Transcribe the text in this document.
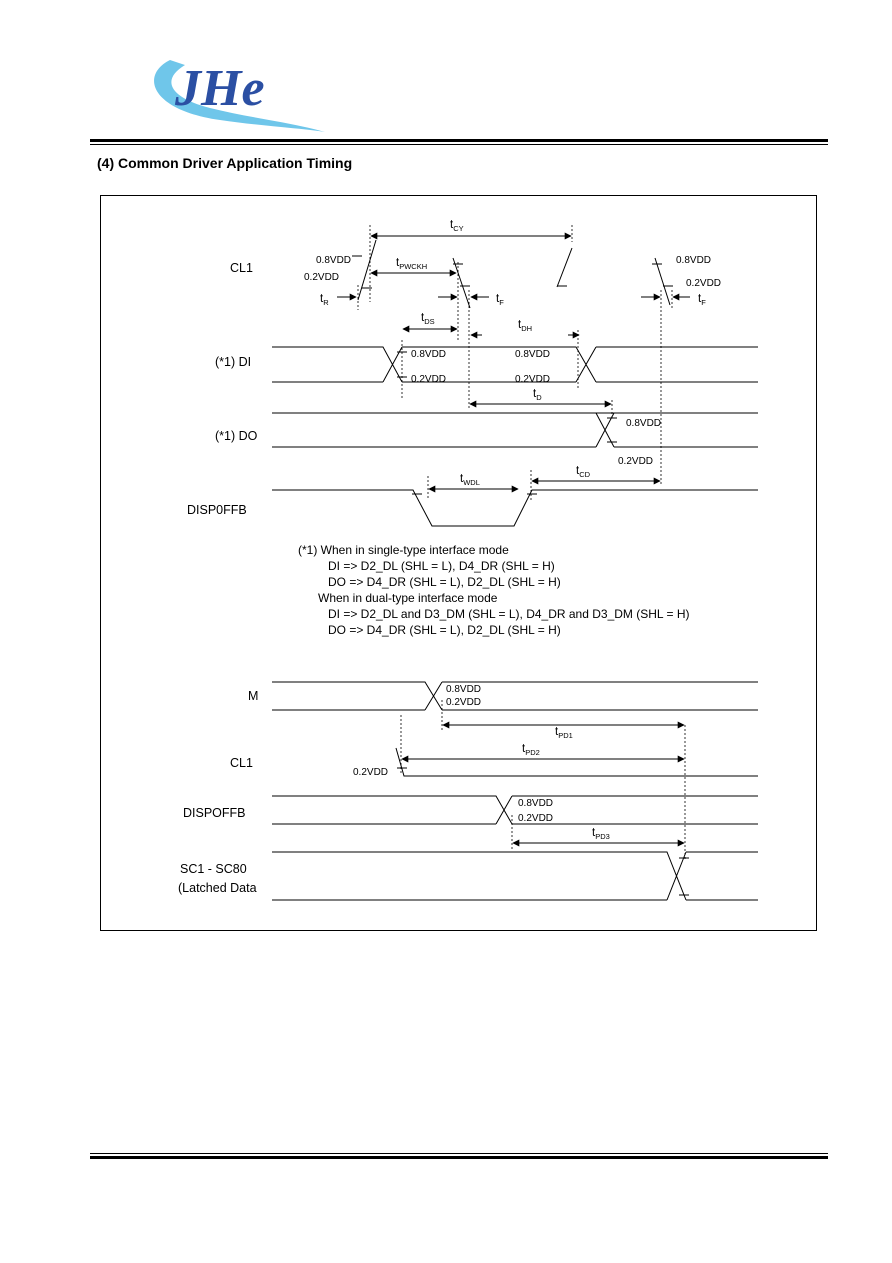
JHe
(4) Common Driver Application Timing
CL1
(*1) DI
(*1) DO
DISP0FFB
M
CL1
DISPOFFB
SC1 - SC80
(Latched Data
0.8VDD
0.2VDD
0.8VDD
0.2VDD
0.8VDD
0.2VDD
0.8VDD
0.2VDD
0.8VDD
0.2VDD
0.8VDD
0.2VDD
0.2VDD
0.8VDD
0.2VDD
$t_{CY}$
$t_{PWCKH}$
$t_R$	$t_F$	$t_F$
$t_{DS}$	$t_{DH}$
$t_D$
$t_{WDL}$
$t_{CD}$
$t_{PD1}$
$t_{PD2}$
$t_{PD3}$
(*1) When in single-type interface mode
DI => D2_DL (SHL = L), D4_DR (SHL = H)
DO => D4_DR (SHL = L), D2_DL (SHL = H)
When in dual-type interface mode
DI => D2_DL and D3_DM (SHL = L), D4_DR and D3_DM (SHL = H)
DO => D4_DR (SHL = L), D2_DL (SHL = H)
